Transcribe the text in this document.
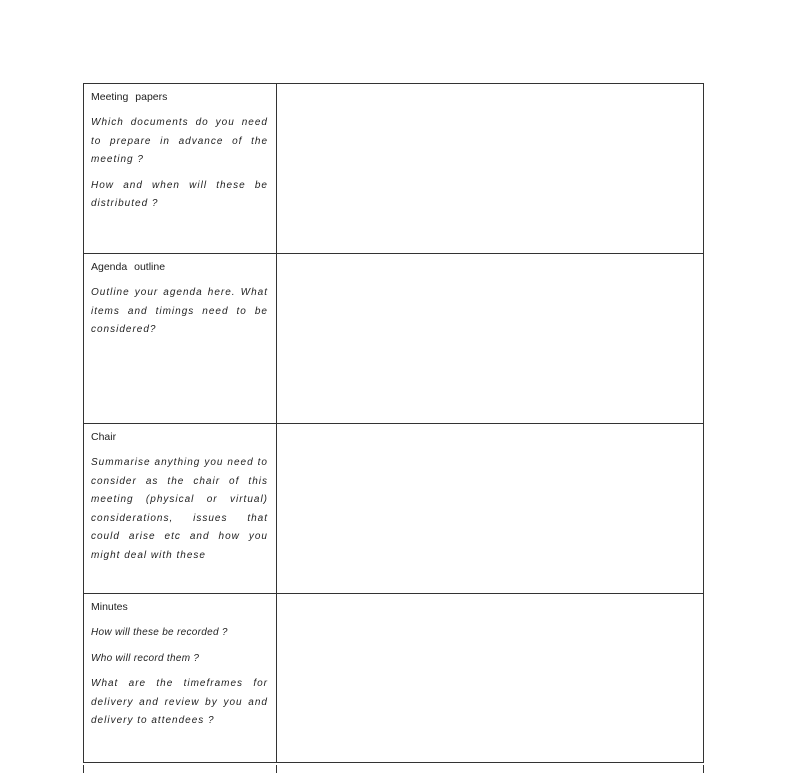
Meeting papers
Which documents do you need to prepare in advance of the meeting ?
How and when will these be distributed ?
Agenda outline
Outline your agenda here. What items and timings need to be considered?
Chair
Summarise anything you need to consider as the chair of this meeting (physical or virtual) considerations, issues that could arise etc and how you might deal with these
Minutes
How will these be recorded ?
Who will record them ?
What are the timeframes for delivery and review by you and delivery to attendees ?
